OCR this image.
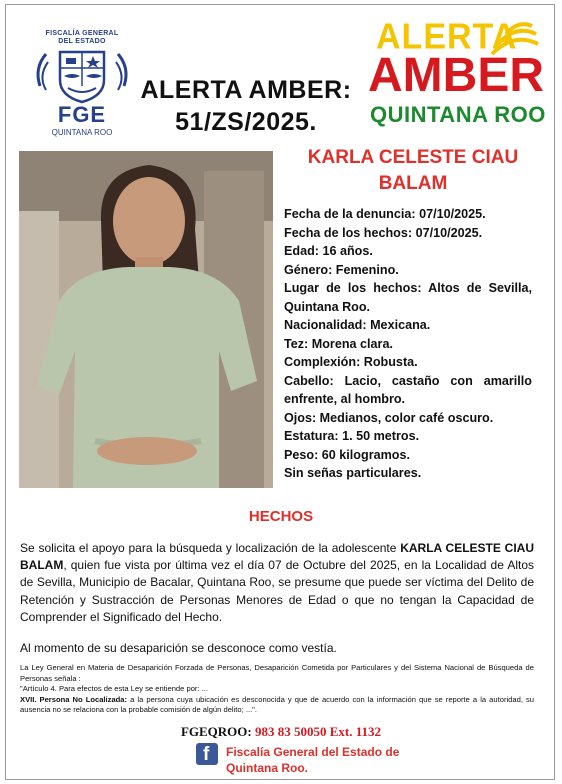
FISCALÍA GENERAL
DEL ESTADO
FGE
QUINTANA ROO
ALERTA AMBER:
51/ZS/2025.
ALERTA
AMBER
QUINTANA ROO
KARLA CELESTE CIAU
BALAM

Fecha de la denuncia: 07/10/2025.

Fecha de los hechos: 07/10/2025.

Edad: 16 años.

Género: Femenino.

Lugar de los hechos: Altos de Sevilla, Quintana Roo.

Nacionalidad: Mexicana.

Tez: Morena clara.

Complexión: Robusta.

Cabello: Lacio, castaño con amarillo enfrente, al hombro.

Ojos: Medianos, color café oscuro.

Estatura: 1. 50 metros.

Peso: 60 kilogramos.

Sin señas particulares.

HECHOS
Se solicita el apoyo para la búsqueda y localización de la adolescente KARLA CELESTE CIAU BALAM, quien fue vista por última vez el día 07 de Octubre del 2025, en la Localidad de Altos de Sevilla, Municipio de Bacalar, Quintana Roo, se presume que puede ser víctima del Delito de Retención y Sustracción de Personas Menores de Edad o que no tengan la Capacidad de Comprender el Significado del Hecho.
Al momento de su desaparición se desconoce como vestía.

La Ley General en Materia de Desaparición Forzada de Personas, Desaparición Cometida por Particulares y del Sistema Nacional de Búsqueda de Personas señala :

"Artículo 4. Para efectos de esta Ley se entiende por: ...

XVII. Persona No Localizada: a la persona cuya ubicación es desconocida y que de acuerdo con la información que se reporte a la autoridad, su ausencia no se relaciona con la probable comisión de algún delito; ...".

FGEQROO: 983 83 50050 Ext. 1132
f Fiscalía General del Estado de
Quintana Roo.
